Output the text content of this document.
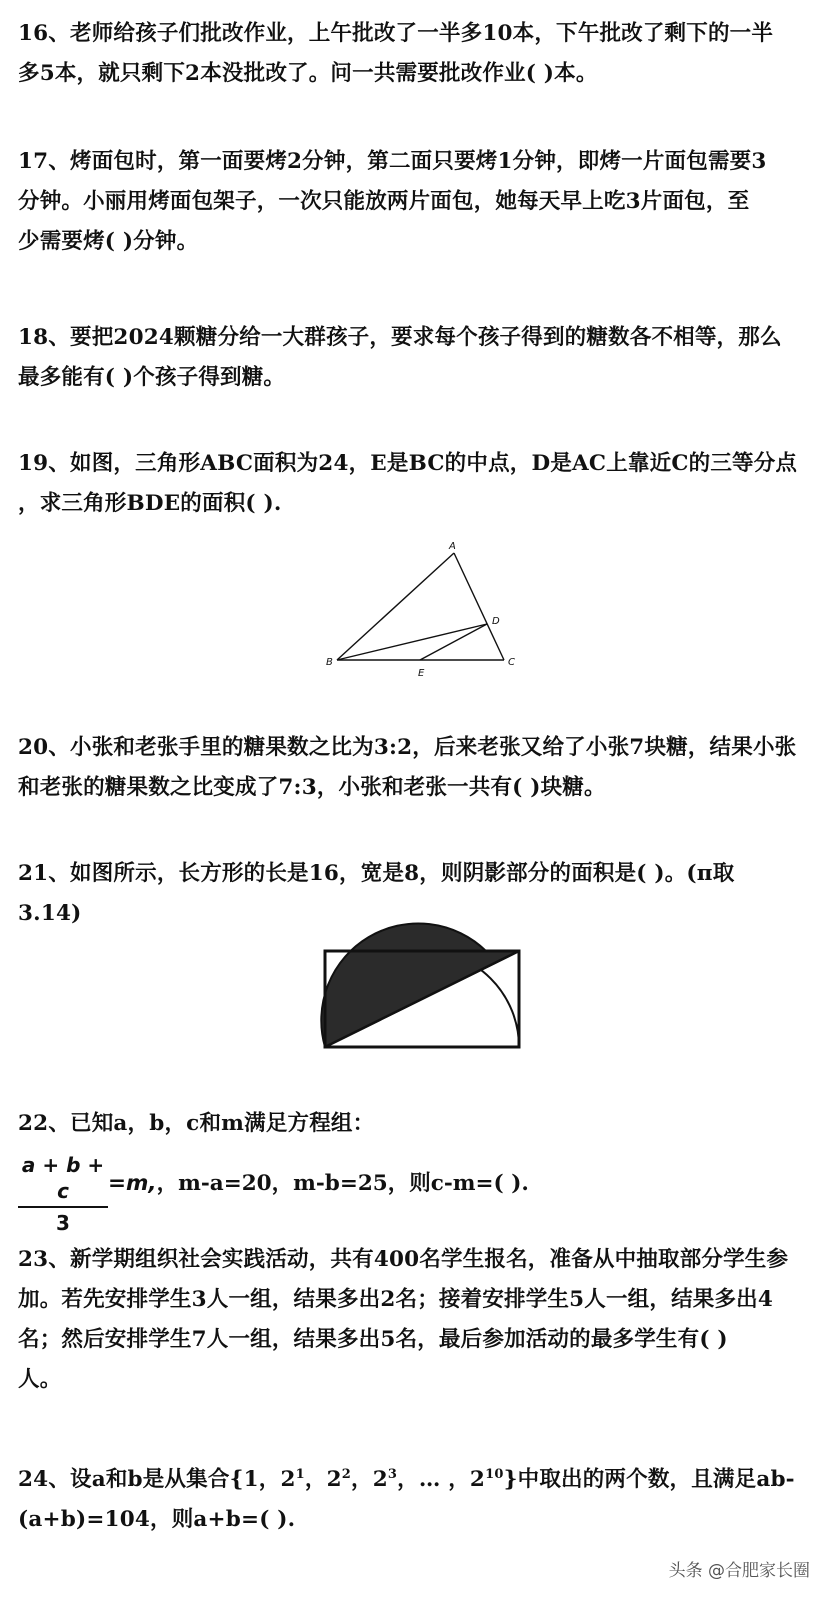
16、老师给孩子们批改作业，上午批改了一半多10本，下午批改了剩下的一半
多5本，就只剩下2本没批改了。问一共需要批改作业( )本。
17、烤面包时，第一面要烤2分钟，第二面只要烤1分钟，即烤一片面包需要3
分钟。小丽用烤面包架子，一次只能放两片面包，她每天早上吃3片面包，至
少需要烤( )分钟。
18、要把2024颗糖分给一大群孩子，要求每个孩子得到的糖数各不相等，那么
最多能有( )个孩子得到糖。
19、如图，三角形ABC面积为24，E是BC的中点，D是AC上靠近C的三等分点
，求三角形BDE的面积( ).
A
B	C
D
E
20、小张和老张手里的糖果数之比为3:2，后来老张又给了小张7块糖，结果小张
和老张的糖果数之比变成了7:3，小张和老张一共有( )块糖。
21、如图所示，长方形的长是16，宽是8，则阴影部分的面积是( )。(π取
3.14)
22、已知a，b，c和m满足方程组：
a + b + c
3
=m,，m-a=20，m-b=25，则c-m=( ).
23、新学期组织社会实践活动，共有400名学生报名，准备从中抽取部分学生参
加。若先安排学生3人一组，结果多出2名；接着安排学生5人一组，结果多出4
名；然后安排学生7人一组，结果多出5名，最后参加活动的最多学生有( )
人。
24、设a和b是从集合{1，$2^1$，$2^2$，$2^3$，… ，$2^{10}$}中取出的两个数，且满足ab-
(a+b)=104，则a+b=( ).
头条 @合肥家长圈
